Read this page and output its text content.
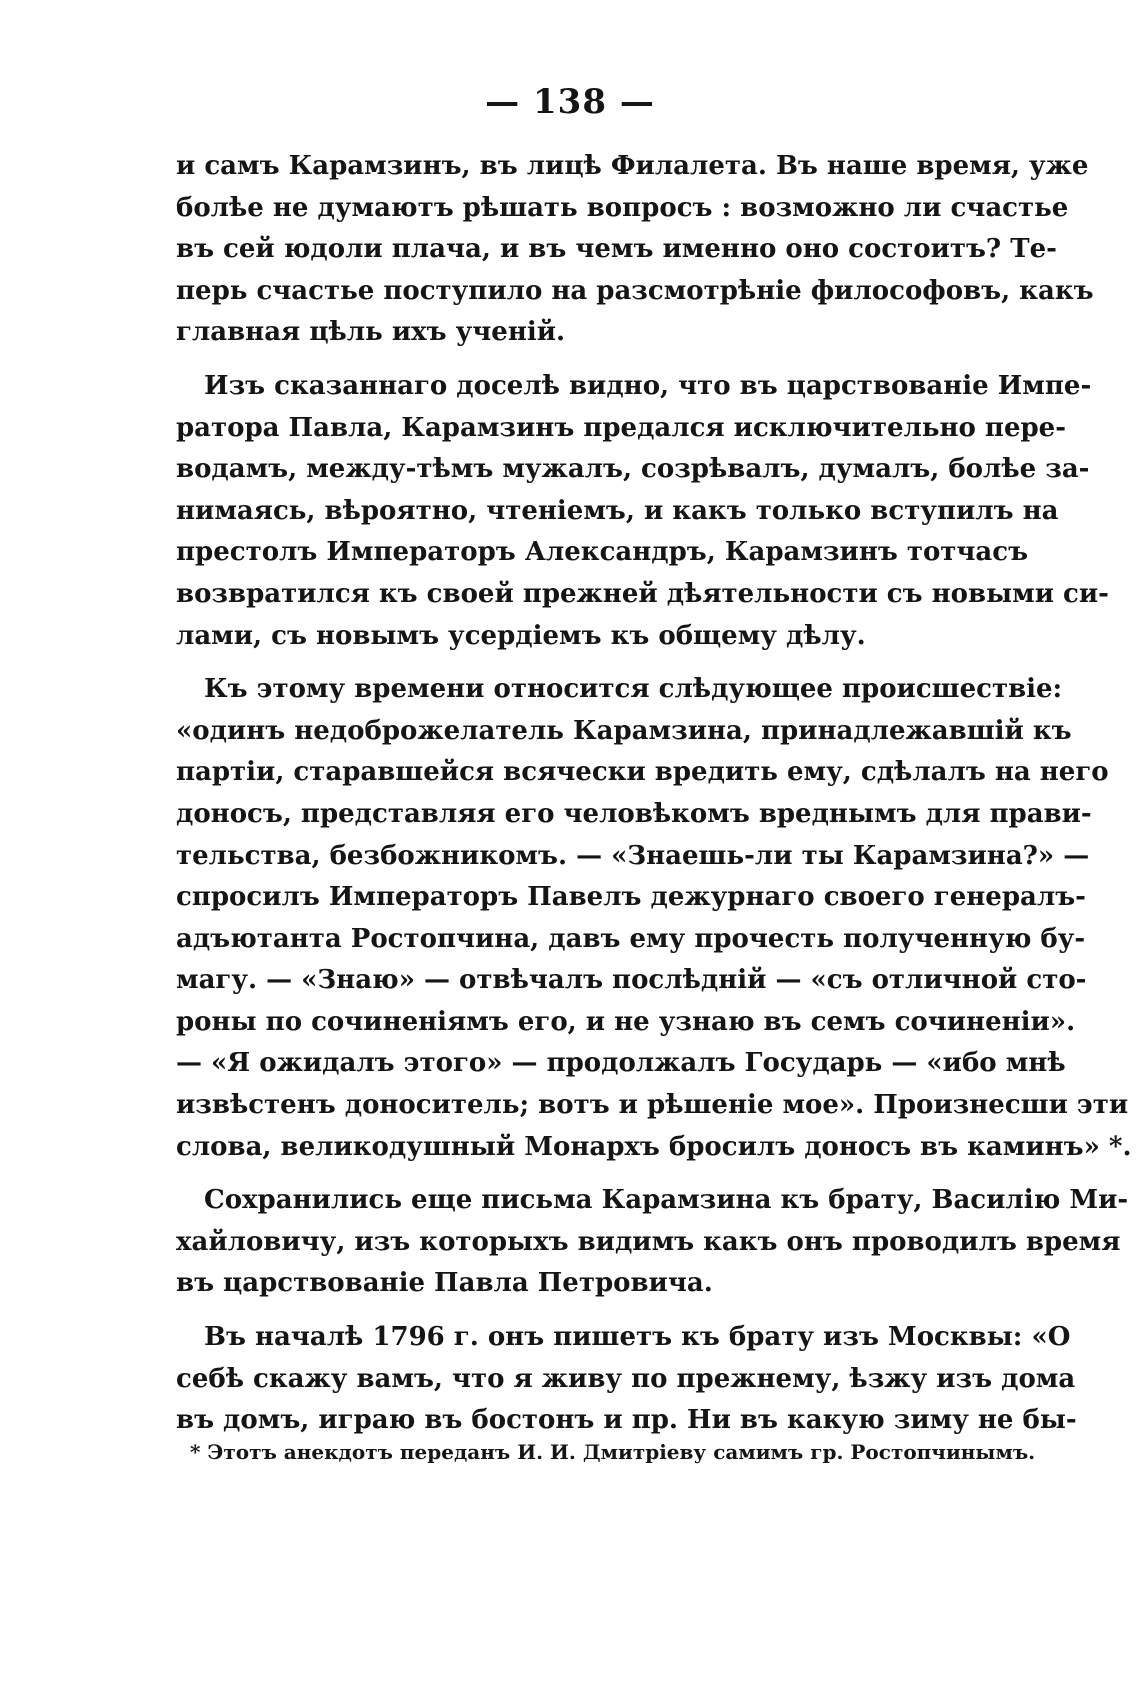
— 138 —
и самъ Карамзинъ, въ лицѣ Филалета. Въ наше время, уже
болѣе не думаютъ рѣшать вопросъ : возможно ли счастье
въ сей юдоли плача, и въ чемъ именно оно состоитъ? Те-
перь счастье поступило на разсмотрѣніе философовъ, какъ
главная цѣль ихъ ученій.
Изъ сказаннаго доселѣ видно, что въ царствованіе Импе-
ратора Павла, Карамзинъ предался исключительно пере-
водамъ, между-тѣмъ мужалъ, созрѣвалъ, думалъ, болѣе за-
нимаясь, вѣроятно, чтеніемъ, и какъ только вступилъ на
престолъ Императоръ Александръ, Карамзинъ тотчасъ
возвратился къ своей прежней дѣятельности съ новыми си-
лами, съ новымъ усердіемъ къ общему дѣлу.
Къ этому времени относится слѣдующее происшествіе:
«одинъ недоброжелатель Карамзина, принадлежавшій къ
партіи, старавшейся всячески вредить ему, сдѣлалъ на него
доносъ, представляя его человѣкомъ вреднымъ для прави-
тельства, безбожникомъ. — «Знаешь-ли ты Карамзина?» —
спросилъ Императоръ Павелъ дежурнаго своего генералъ-
адъютанта Ростопчина, давъ ему прочесть полученную бу-
магу. — «Знаю» — отвѣчалъ послѣдній — «съ отличной сто-
роны по сочиненіямъ его, и не узнаю въ семъ сочиненіи».
— «Я ожидалъ этого» — продолжалъ Государь — «ибо мнѣ
извѣстенъ доноситель; вотъ и рѣшеніе мое». Произнесши эти
слова, великодушный Монархъ бросилъ доносъ въ каминъ» *.
Сохранились еще письма Карамзина къ брату, Василію Ми-
хайловичу, изъ которыхъ видимъ какъ онъ проводилъ время
въ царствованіе Павла Петровича.
Въ началѣ 1796 г. онъ пишетъ къ брату изъ Москвы: «О
себѣ скажу вамъ, что я живу по прежнему, ѣзжу изъ дома
въ домъ, играю въ бостонъ и пр. Ни въ какую зиму не бы-
* Этотъ анекдотъ переданъ И. И. Дмитріеву самимъ гр. Ростопчинымъ.
